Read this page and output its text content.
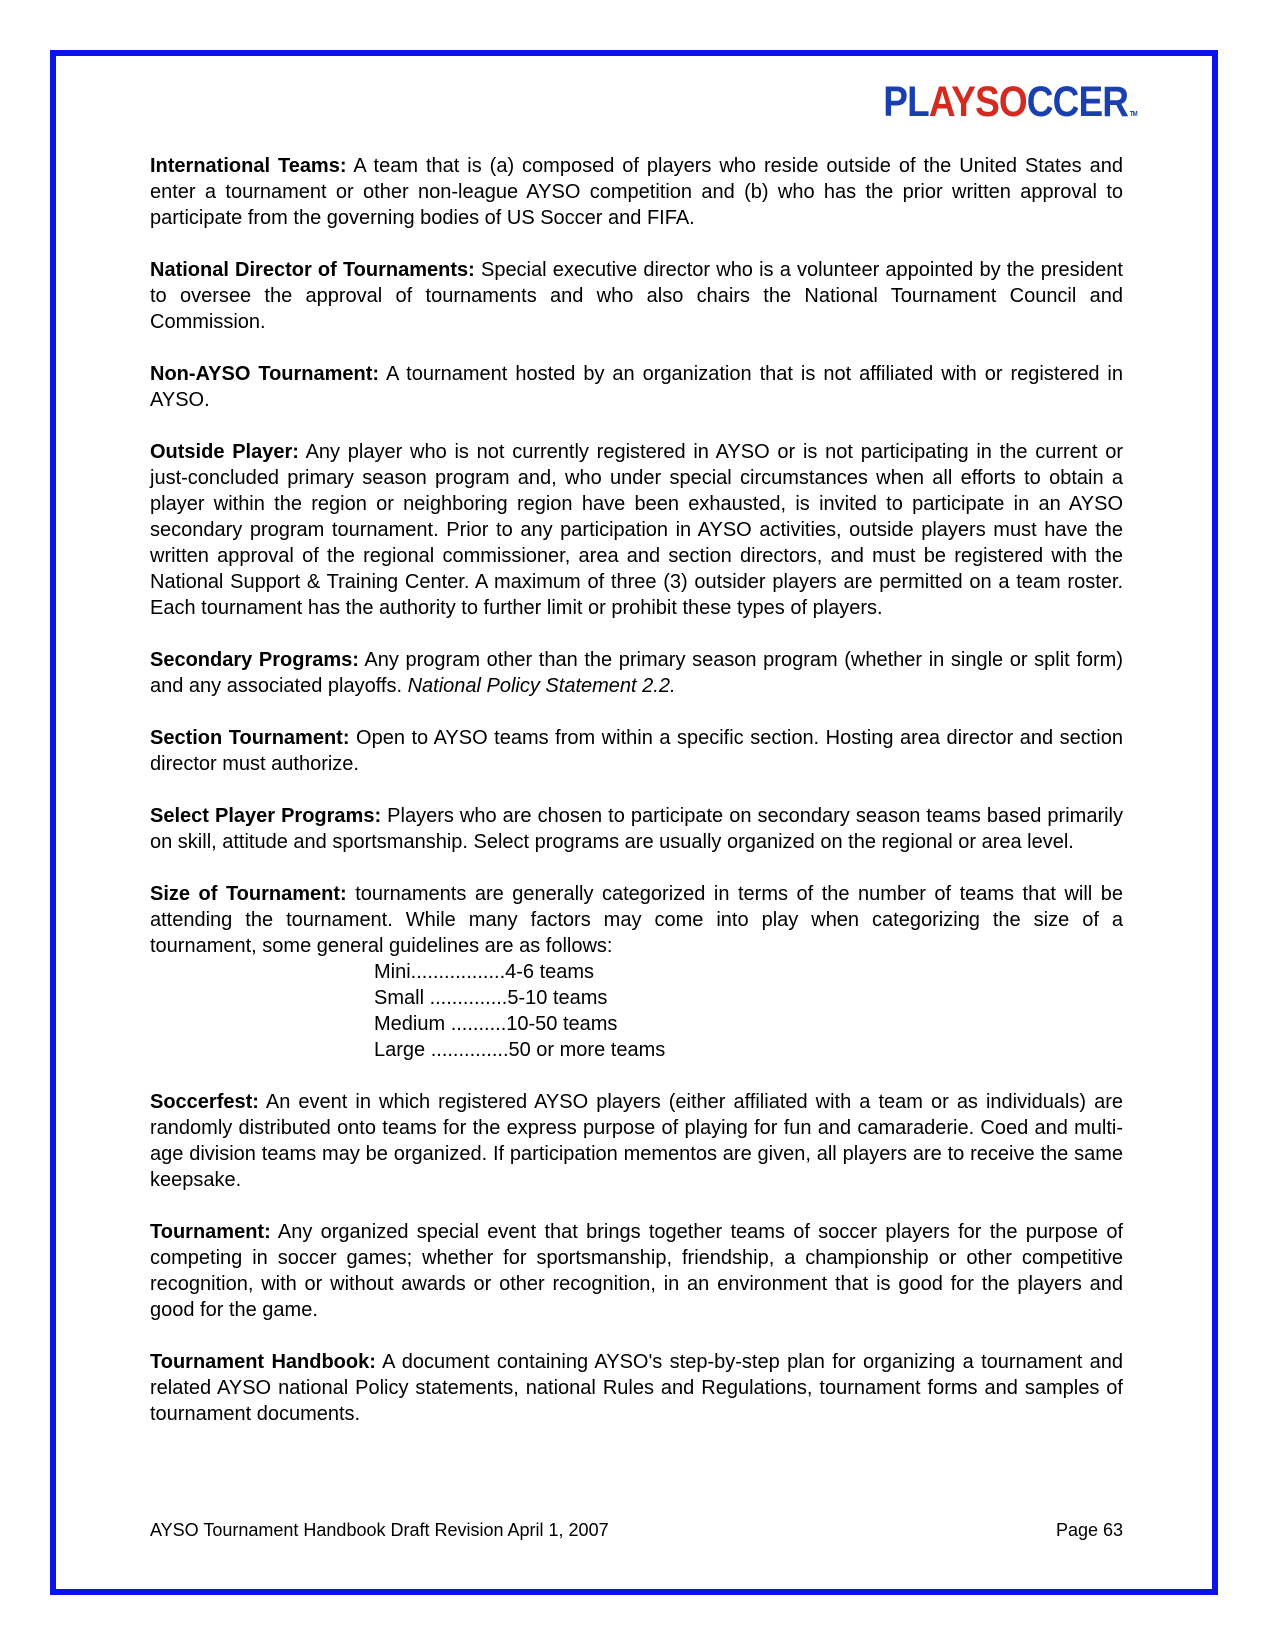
PLAYSOCCER TM

International Teams: A team that is (a) composed of players who reside outside of the United States and enter a tournament or other non-league AYSO competition and (b) who has the prior written approval to participate from the governing bodies of US Soccer and FIFA.

National Director of Tournaments: Special executive director who is a volunteer appointed by the president to oversee the approval of tournaments and who also chairs the National Tournament Council and Commission.

Non-AYSO Tournament: A tournament hosted by an organization that is not affiliated with or registered in AYSO.

Outside Player: Any player who is not currently registered in AYSO or is not participating in the current or just-concluded primary season program and, who under special circumstances when all efforts to obtain a player within the region or neighboring region have been exhausted, is invited to participate in an AYSO secondary program tournament. Prior to any participation in AYSO activities, outside players must have the written approval of the regional commissioner, area and section directors, and must be registered with the National Support & Training Center. A maximum of three (3) outsider players are permitted on a team roster. Each tournament has the authority to further limit or prohibit these types of players.

Secondary Programs: Any program other than the primary season program (whether in single or split form) and any associated playoffs. National Policy Statement 2.2.

Section Tournament: Open to AYSO teams from within a specific section. Hosting area director and section director must authorize.

Select Player Programs: Players who are chosen to participate on secondary season teams based primarily on skill, attitude and sportsmanship. Select programs are usually organized on the regional or area level.

Size of Tournament: tournaments are generally categorized in terms of the number of teams that will be attending the tournament. While many factors may come into play when categorizing the size of a tournament, some general guidelines are as follows:
Mini.................4-6 teams
Small ..............5-10 teams
Medium ..........10-50 teams
Large ..............50 or more teams

Soccerfest: An event in which registered AYSO players (either affiliated with a team or as individuals) are randomly distributed onto teams for the express purpose of playing for fun and camaraderie. Coed and multi-age division teams may be organized. If participation mementos are given, all players are to receive the same keepsake.

Tournament: Any organized special event that brings together teams of soccer players for the purpose of competing in soccer games; whether for sportsmanship, friendship, a championship or other competitive recognition, with or without awards or other recognition, in an environment that is good for the players and good for the game.

Tournament Handbook: A document containing AYSO's step-by-step plan for organizing a tournament and related AYSO national Policy statements, national Rules and Regulations, tournament forms and samples of tournament documents.

AYSO Tournament Handbook Draft Revision April 1, 2007	Page 63
